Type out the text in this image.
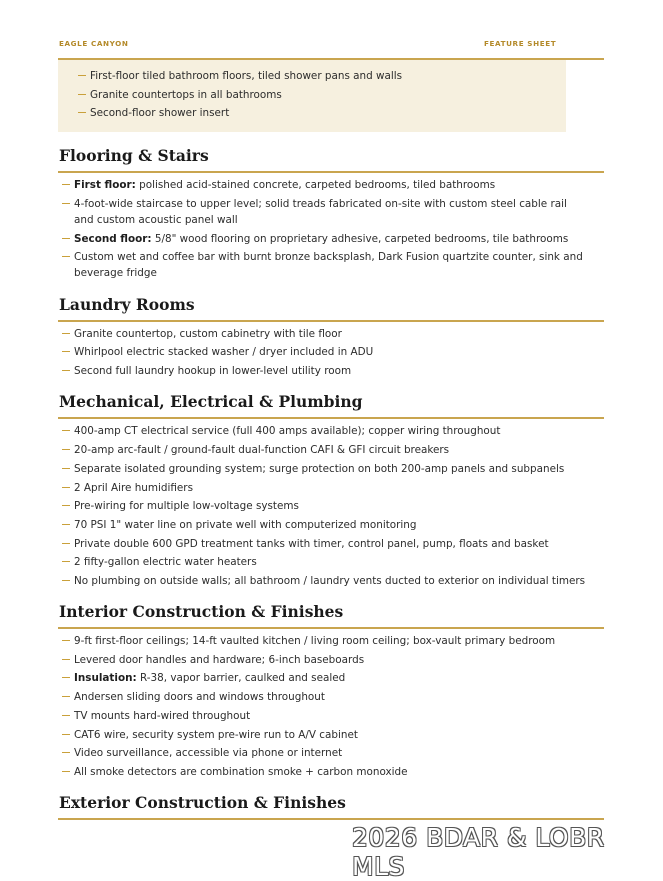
EAGLE CANYON	FEATURE SHEET
First-floor tiled bathroom floors, tiled shower pans and walls
Granite countertops in all bathrooms
Second-floor shower insert
Flooring & Stairs
First floor: polished acid-stained concrete, carpeted bedrooms, tiled bathrooms
4-foot-wide staircase to upper level; solid treads fabricated on-site with custom steel cable rail
and custom acoustic panel wall
Second floor: 5/8" wood flooring on proprietary adhesive, carpeted bedrooms, tile bathrooms
Custom wet and coffee bar with burnt bronze backsplash, Dark Fusion quartzite counter, sink and
beverage fridge
Laundry Rooms
Granite countertop, custom cabinetry with tile floor
Whirlpool electric stacked washer / dryer included in ADU
Second full laundry hookup in lower-level utility room
Mechanical, Electrical & Plumbing
400-amp CT electrical service (full 400 amps available); copper wiring throughout
20-amp arc-fault / ground-fault dual-function CAFI & GFI circuit breakers
Separate isolated grounding system; surge protection on both 200-amp panels and subpanels
2 April Aire humidifiers
Pre-wiring for multiple low-voltage systems
70 PSI 1" water line on private well with computerized monitoring
Private double 600 GPD treatment tanks with timer, control panel, pump, floats and basket
2 fifty-gallon electric water heaters
No plumbing on outside walls; all bathroom / laundry vents ducted to exterior on individual timers
Interior Construction & Finishes
9-ft first-floor ceilings; 14-ft vaulted kitchen / living room ceiling; box-vault primary bedroom
Levered door handles and hardware; 6-inch baseboards
Insulation: R-38, vapor barrier, caulked and sealed
Andersen sliding doors and windows throughout
TV mounts hard-wired throughout
CAT6 wire, security system pre-wire run to A/V cabinet
Video surveillance, accessible via phone or internet
All smoke detectors are combination smoke + carbon monoxide
Exterior Construction & Finishes
2026 BDAR & LOBR MLS
